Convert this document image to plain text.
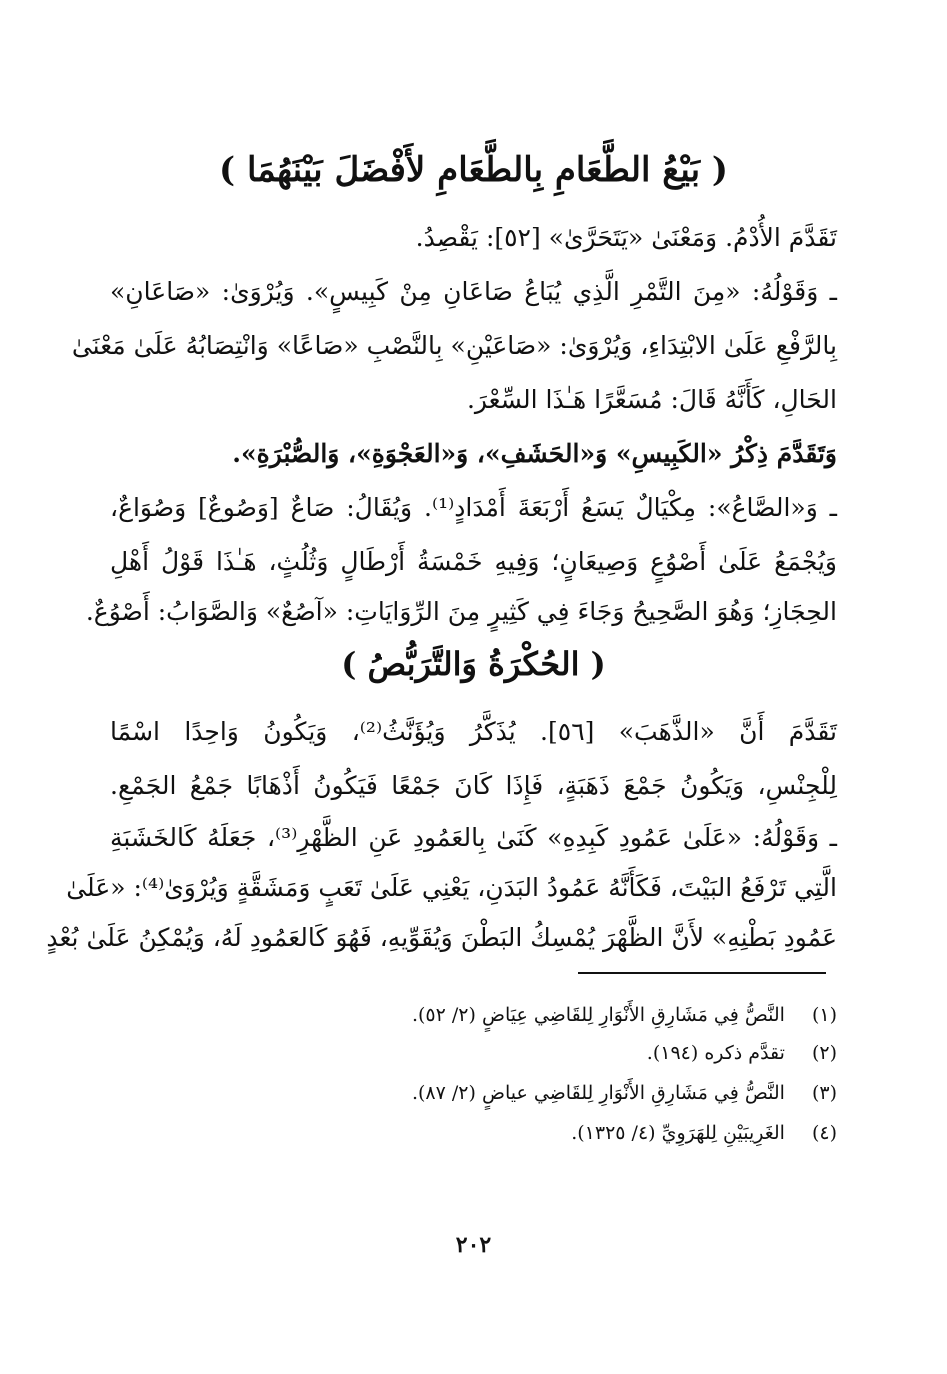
( بَيْعُ الطَّعَامِ بِالطَّعَامِ لأَفْضَلَ بَيْنَهُمَا )
تَقَدَّمَ الأُدْمُ. وَمَعْنَىٰ «يَتَحَرَّىٰ» [٥٢]: يَقْصِدُ.
ـ وَقَوْلُهُ: «مِنَ التَّمْرِ الَّذِي يُبَاعُ صَاعَانِ مِنْ كَبِيسٍ». وَيُرْوَىٰ: «صَاعَانِ»
بِالرَّفْعِ عَلَىٰ الابْتِدَاءِ، وَيُرْوَىٰ: «صَاعَيْنِ» بِالنَّصْبِ «صَاعًا» وَانْتِصَابُهُ عَلَىٰ مَعْنَىٰ
الحَالِ، كَأَنَّهُ قَالَ: مُسَعَّرًا هَـٰذَا السِّعْرَ.
وَتَقَدَّمَ ذِكْرُ «الكَبِيسِ» وَ«الحَشَفِ»، وَ«العَجْوَةِ»، وَالصُّبْرَةِ».
ـ وَ«الصَّاعُ»: مِكْيَالٌ يَسَعُ أَرْبَعَةَ أَمْدَادٍ⁽¹⁾. وَيُقَالُ: صَاعٌ [وَصُوعٌ] وَصُوَاعٌ،
وَيُجْمَعُ عَلَىٰ أَصْوُعٍ وَصِيعَانٍ؛ وَفِيهِ خَمْسَةُ أَرْطَالٍ وَثُلُثٍ، هَـٰذَا قَوْلُ أَهْلِ
الحِجَازِ؛ وَهُوَ الصَّحِيحُ وَجَاءَ فِي كَثِيرٍ مِنَ الرِّوَايَاتِ: «آصُعٌ» وَالصَّوَابُ: أَصْوُعٌ.
( الحُكْرَةُ وَالتَّرَبُّصُ )
تَقَدَّمَ أَنَّ «الذَّهَبَ» [٥٦]. يُذَكَّرُ وَيُؤَنَّثُ⁽²⁾، وَيَكُونُ وَاحِدًا اسْمًا
لِلْجِنْسِ، وَيَكُونُ جَمْعَ ذَهَبَةٍ، فَإِذَا كَانَ جَمْعًا فَيَكُونُ أَذْهَابًا جَمْعُ الجَمْعِ.
ـ وَقَوْلُهُ: «عَلَىٰ عَمُودِ كَبِدِهِ» كَنَىٰ بِالعَمُودِ عَنِ الظَّهْرِ⁽³⁾، جَعَلَهُ كَالخَشَبَةِ
الَّتِي تَرْفَعُ البَيْتَ، فَكَأَنَّهُ عَمُودُ البَدَنِ، يَعْنِي عَلَىٰ تَعَبٍ وَمَشَقَّةٍ وَيُرْوَىٰ⁽⁴⁾: «عَلَىٰ
عَمُودِ بَطْنِهِ» لأَنَّ الظَّهْرَ يُمْسِكُ البَطْنَ وَيُقَوِّيهِ، فَهُوَ كَالعَمُودِ لَهُ، وَيُمْكِنُ عَلَىٰ بُعْدٍ
(١) النَّصُّ فِي مَشَارِقِ الأَنْوَارِ لِلقَاضِي عِيَاضٍ (٢/ ٥٢).
(٢) تقدَّم ذكره (١٩٤).
(٣) النَّصُّ فِي مَشَارِقِ الأَنْوَارِ لِلقَاضِي عياضٍ (٢/ ٨٧).
(٤) الغَرِيبَيْنِ لِلهَرَوِيِّ (٤/ ١٣٢٥).
٢٠٢
